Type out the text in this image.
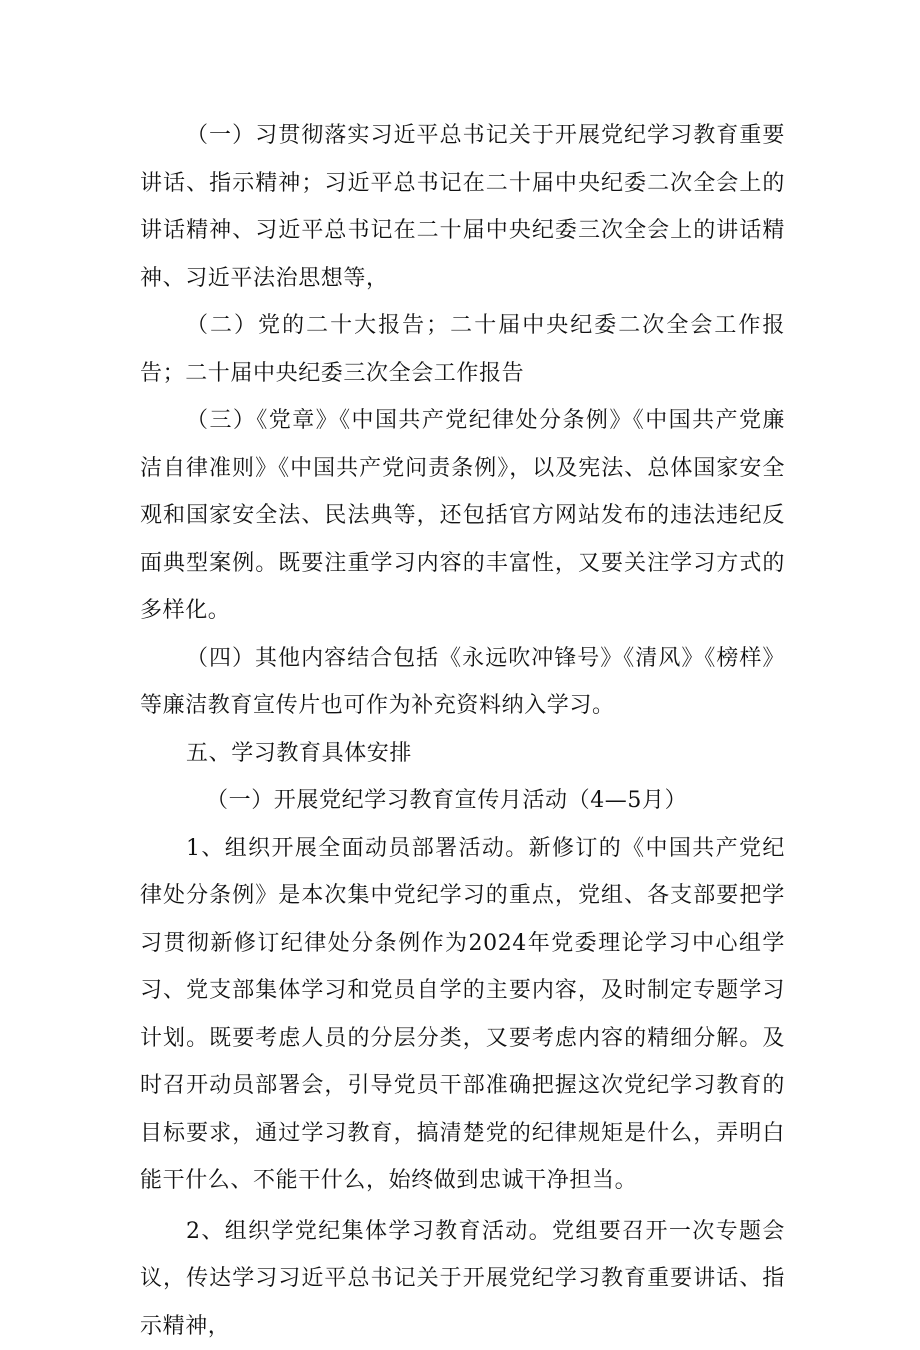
（一）习贯彻落实习近平总书记关于开展党纪学习教育重要讲话、指示精神；习近平总书记在二十届中央纪委二次全会上的讲话精神、习近平总书记在二十届中央纪委三次全会上的讲话精神、习近平法治思想等，

（二）党的二十大报告；二十届中央纪委二次全会工作报告；二十届中央纪委三次全会工作报告

（三）《党章》《中国共产党纪律处分条例》《中国共产党廉洁自律准则》《中国共产党问责条例》，以及宪法、总体国家安全观和国家安全法、民法典等，还包括官方网站发布的违法违纪反面典型案例。既要注重学习内容的丰富性，又要关注学习方式的多样化。

（四）其他内容结合包括《永远吹冲锋号》《清风》《榜样》等廉洁教育宣传片也可作为补充资料纳入学习。

五、学习教育具体安排

（一）开展党纪学习教育宣传月活动（4—5月）

1、组织开展全面动员部署活动。新修订的《中国共产党纪律处分条例》是本次集中党纪学习的重点，党组、各支部要把学习贯彻新修订纪律处分条例作为2024年党委理论学习中心组学习、党支部集体学习和党员自学的主要内容，及时制定专题学习计划。既要考虑人员的分层分类，又要考虑内容的精细分解。及时召开动员部署会，引导党员干部准确把握这次党纪学习教育的目标要求，通过学习教育，搞清楚党的纪律规矩是什么，弄明白能干什么、不能干什么，始终做到忠诚干净担当。

2、组织学党纪集体学习教育活动。党组要召开一次专题会议，传达学习习近平总书记关于开展党纪学习教育重要讲话、指示精神，
